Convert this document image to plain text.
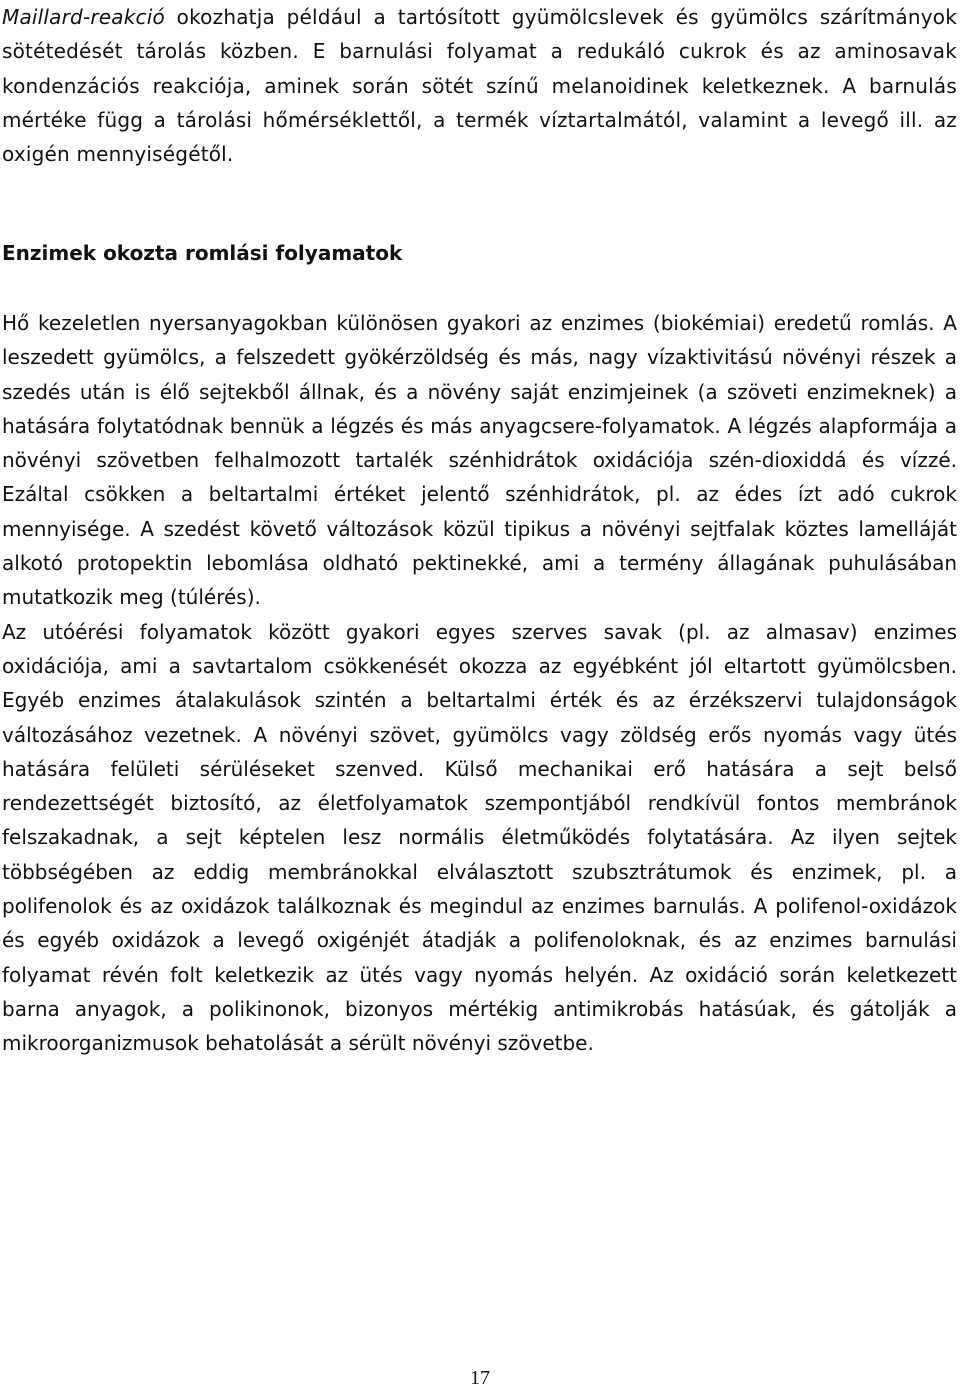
Maillard-reakció okozhatja például a tartósított gyümölcslevek és gyümölcs szárítmányok sötétedését tárolás közben. E barnulási folyamat a redukáló cukrok és az aminosavak kondenzációs reakciója, aminek során sötét színű melanoidinek keletkeznek. A barnulás mértéke függ a tárolási hőmérséklettől, a termék víztartalmától, valamint a levegő ill. az oxigén mennyiségétől.

Enzimek okozta romlási folyamatok

Hő kezeletlen nyersanyagokban különösen gyakori az enzimes (biokémiai) eredetű romlás. A leszedett gyümölcs, a felszedett gyökérzöldség és más, nagy vízaktivitású növényi részek a szedés után is élő sejtekből állnak, és a növény saját enzimjeinek (a szöveti enzimeknek) a hatására folytatódnak bennük a légzés és más anyagcsere-folyamatok. A légzés alapformája a növényi szövetben felhalmozott tartalék szénhidrátok oxidációja szén-dioxiddá és vízzé. Ezáltal csökken a beltartalmi értéket jelentő szénhidrátok, pl. az édes ízt adó cukrok mennyisége. A szedést követő változások közül tipikus a növényi sejtfalak köztes lamelláját alkotó protopektin lebomlása oldható pektinekké, ami a termény állagának puhulásában mutatkozik meg (túlérés).

Az utóérési folyamatok között gyakori egyes szerves savak (pl. az almasav) enzimes oxidációja, ami a savtartalom csökkenését okozza az egyébként jól eltartott gyümölcsben. Egyéb enzimes átalakulások szintén a beltartalmi érték és az érzékszervi tulajdonságok változásához vezetnek. A növényi szövet, gyümölcs vagy zöldség erős nyomás vagy ütés hatására felületi sérüléseket szenved. Külső mechanikai erő hatására a sejt belső rendezettségét biztosító, az életfolyamatok szempontjából rendkívül fontos membránok felszakadnak, a sejt képtelen lesz normális életműködés folytatására. Az ilyen sejtek többségében az eddig membránokkal elválasztott szubsztrátumok és enzimek, pl. a polifenolok és az oxidázok találkoznak és megindul az enzimes barnulás. A polifenol-oxidázok és egyéb oxidázok a levegő oxigénjét átadják a polifenoloknak, és az enzimes barnulási folyamat révén folt keletkezik az ütés vagy nyomás helyén. Az oxidáció során keletkezett barna anyagok, a polikinonok, bizonyos mértékig antimikrobás hatásúak, és gátolják a mikroorganizmusok behatolását a sérült növényi szövetbe.

17
